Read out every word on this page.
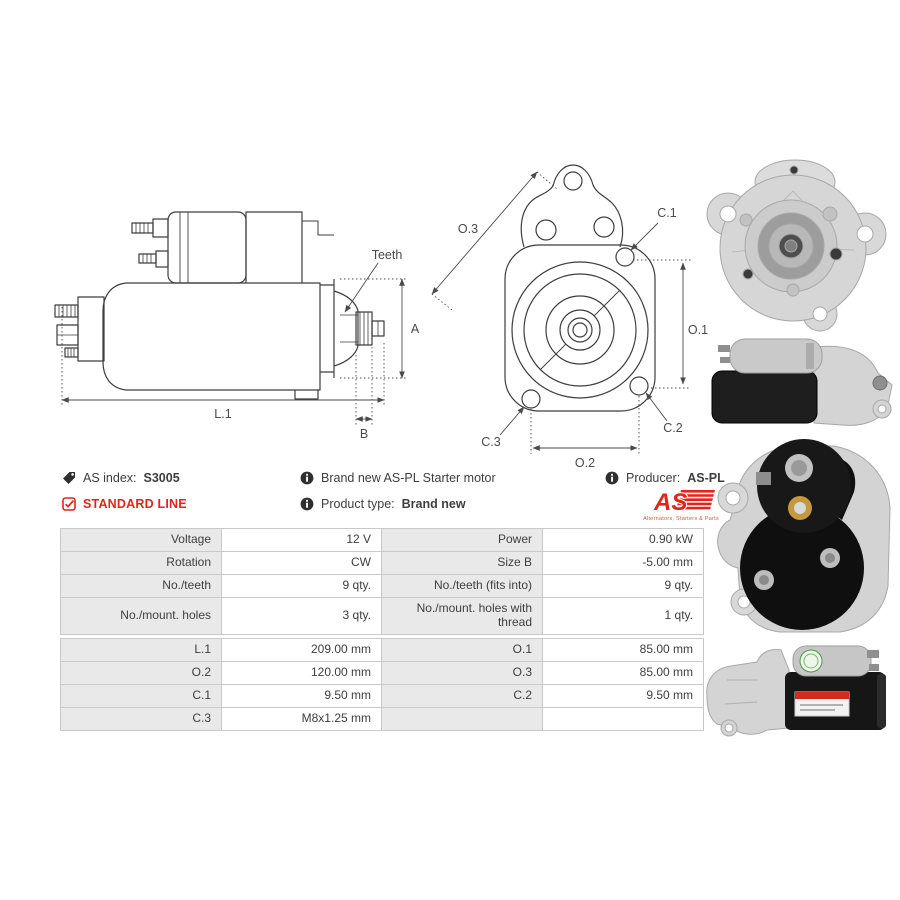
Teeth
A
L.1
B
O.3
C.1
O.1
C.2
C.3
O.2
AS index: S3005
STANDARD LINE
Brand new AS-PL Starter motor
Product type: Brand new
Producer: AS-PL
AS
Alternators, Starters & Parts
Voltage	12 V	Power	0.90 kW
Rotation	CW	Size B	-5.00 mm
No./teeth	9 qty.	No./teeth (fits into)	9 qty.
No./mount. holes	3 qty.	No./mount. holes with thread	1 qty.
L.1	209.00 mm	O.1	85.00 mm
O.2	120.00 mm	O.3	85.00 mm
C.1	9.50 mm	C.2	9.50 mm
C.3	M8x1.25 mm		
